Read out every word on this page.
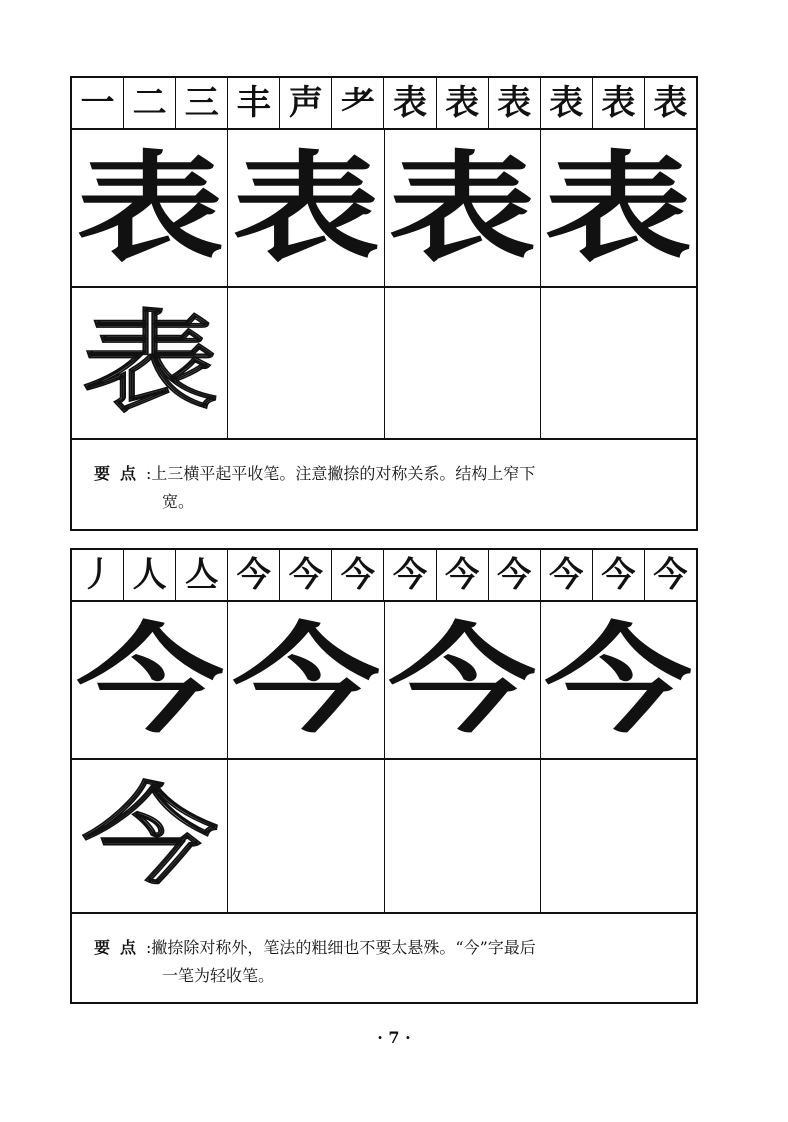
一 二 三 丰 声 耂 表 表 表 表 表 表
表 表 表 表
表
要点:上三横平起平收笔。注意撇捺的对称关系。结构上窄下
宽。
丿 人 亼 今 今 今 今 今 今 今 今 今
今 今 今 今
今
要点:撇捺除对称外，笔法的粗细也不要太悬殊。“今”字最后
一笔为轻收笔。
· 7 ·
